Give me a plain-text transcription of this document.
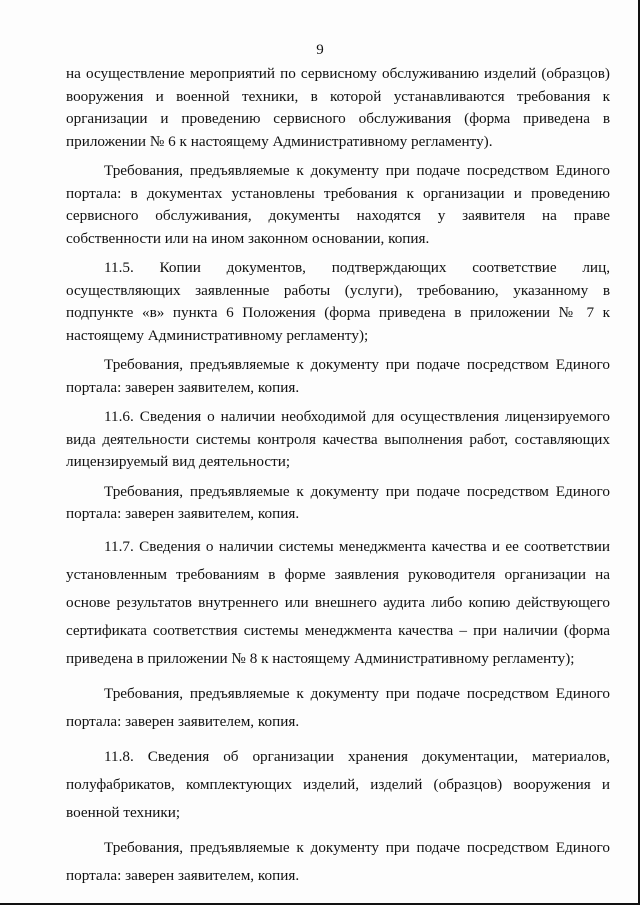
9

на осуществление мероприятий по сервисному обслуживанию изделий (образцов) вооружения и военной техники, в которой устанавливаются требования к организации и проведению сервисного обслуживания (форма приведена в приложении № 6 к настоящему Административному регламенту).

Требования, предъявляемые к документу при подаче посредством Единого портала: в документах установлены требования к организации и проведению сервисного обслуживания, документы находятся у заявителя на праве собственности или на ином законном основании, копия.

11.5. Копии документов, подтверждающих соответствие лиц, осуществляющих заявленные работы (услуги), требованию, указанному в подпункте «в» пункта 6 Положения (форма приведена в приложении № 7 к настоящему Административному регламенту);

Требования, предъявляемые к документу при подаче посредством Единого портала: заверен заявителем, копия.

11.6. Сведения о наличии необходимой для осуществления лицензируемого вида деятельности системы контроля качества выполнения работ, составляющих лицензируемый вид деятельности;

Требования, предъявляемые к документу при подаче посредством Единого портала: заверен заявителем, копия.

11.7. Сведения о наличии системы менеджмента качества и ее соответствии установленным требованиям в форме заявления руководителя организации на основе результатов внутреннего или внешнего аудита либо копию действующего сертификата соответствия системы менеджмента качества – при наличии (форма приведена в приложении № 8 к настоящему Административному регламенту);

Требования, предъявляемые к документу при подаче посредством Единого портала: заверен заявителем, копия.

11.8. Сведения об организации хранения документации, материалов, полуфабрикатов, комплектующих изделий, изделий (образцов) вооружения и военной техники;

Требования, предъявляемые к документу при подаче посредством Единого портала: заверен заявителем, копия.
